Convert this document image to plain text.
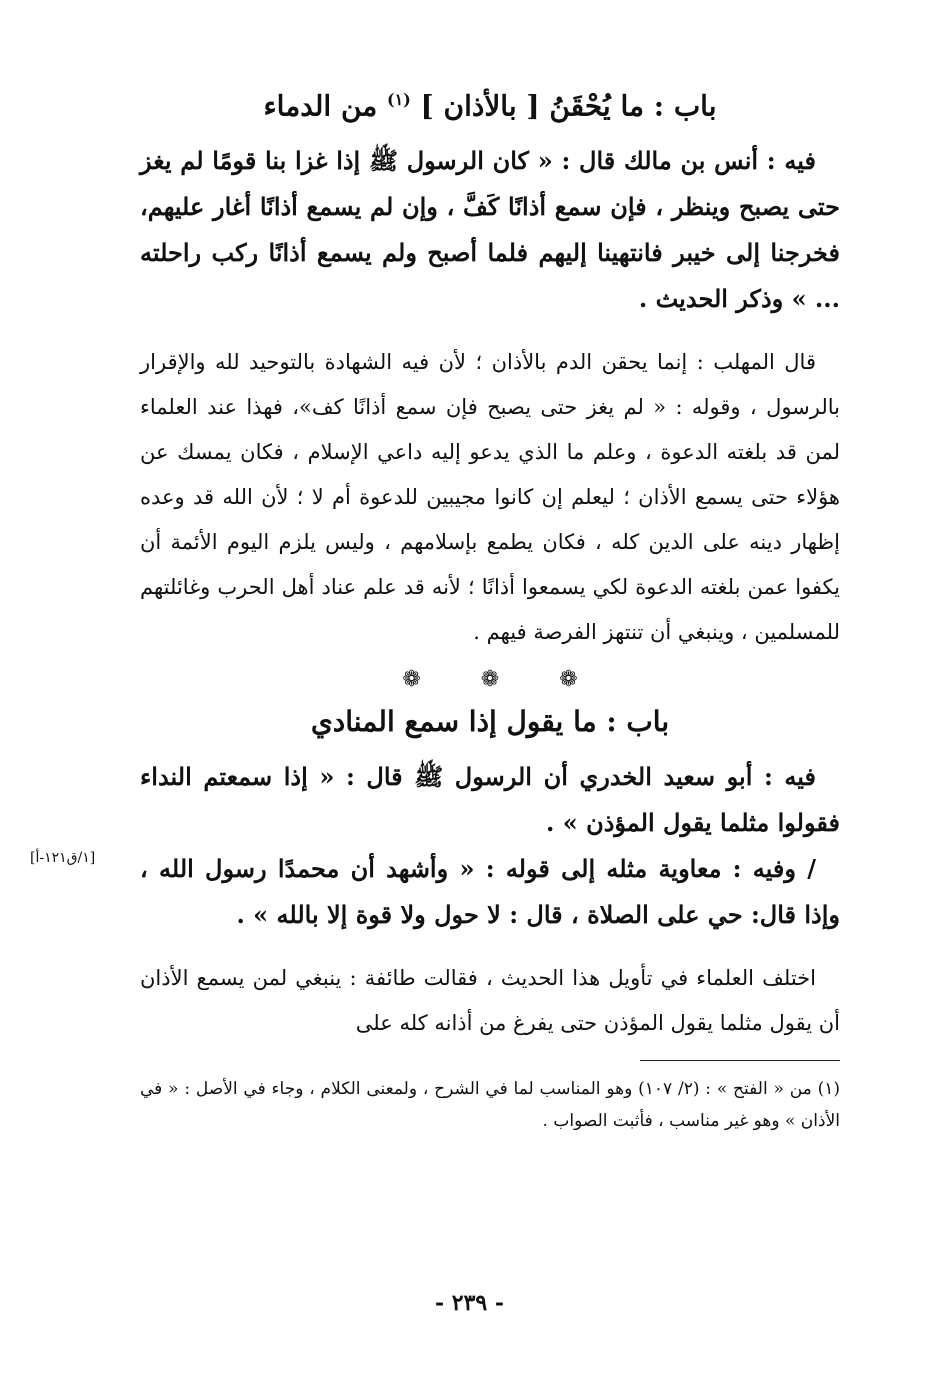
باب : ما يُحْقَنُ [ بالأذان ] $^{(١)}$ من الدماء

فيه : أنس بن مالك قال : « كان الرسول ﷺ إذا غزا بنا قومًا لم يغز حتى يصبح وينظر ، فإن سمع أذانًا كَفَّ ، وإن لم يسمع أذانًا أغار عليهم، فخرجنا إلى خيبر فانتهينا إليهم فلما أصبح ولم يسمع أذانًا ركب راحلته ... » وذكر الحديث .

قال المهلب : إنما يحقن الدم بالأذان ؛ لأن فيه الشهادة بالتوحيد لله والإقرار بالرسول ، وقوله : « لم يغز حتى يصبح فإن سمع أذانًا كف»، فهذا عند العلماء لمن قد بلغته الدعوة ، وعلم ما الذي يدعو إليه داعي الإسلام ، فكان يمسك عن هؤلاء حتى يسمع الأذان ؛ ليعلم إن كانوا مجيبين للدعوة أم لا ؛ لأن الله قد وعده إظهار دينه على الدين كله ، فكان يطمع بإسلامهم ، وليس يلزم اليوم الأئمة أن يكفوا عمن بلغته الدعوة لكي يسمعوا أذانًا ؛ لأنه قد علم عناد أهل الحرب وغائلتهم للمسلمين ، وينبغي أن تنتهز الفرصة فيهم .

❁	❁	❁
باب : ما يقول إذا سمع المنادي

فيه : أبو سعيد الخدري أن الرسول ﷺ قال : « إذا سمعتم النداء فقولوا مثلما يقول المؤذن » .

[١/ق١٢١-أ] / وفيه : معاوية مثله إلى قوله : « وأشهد أن محمدًا رسول الله ، وإذا قال: حي على الصلاة ، قال : لا حول ولا قوة إلا بالله » .

اختلف العلماء في تأويل هذا الحديث ، فقالت طائفة : ينبغي لمن يسمع الأذان أن يقول مثلما يقول المؤذن حتى يفرغ من أذانه كله على

(١) من « الفتح » : (٢/ ١٠٧) وهو المناسب لما في الشرح ، ولمعنى الكلام ، وجاء في الأصل : « في الأذان » وهو غير مناسب ، فأثبت الصواب .

- ٢٣٩ -
